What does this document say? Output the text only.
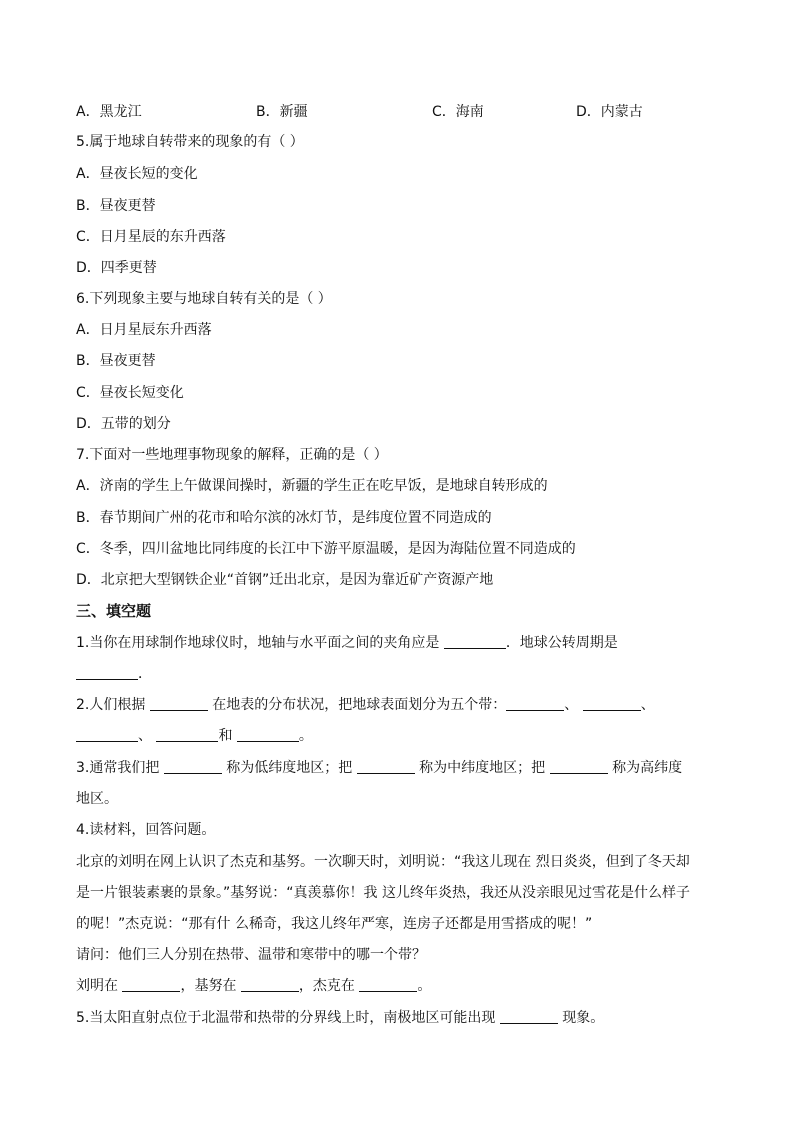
A．黑龙江	B．新疆	C．海南	D．内蒙古
5.属于地球自转带来的现象的有（ ）
A．昼夜长短的变化
B．昼夜更替
C．日月星辰的东升西落
D．四季更替
6.下列现象主要与地球自转有关的是（ ）
A．日月星辰东升西落
B．昼夜更替
C．昼夜长短变化
D．五带的划分
7.下面对一些地理事物现象的解释，正确的是（ ）
A．济南的学生上午做课间操时，新疆的学生正在吃早饭，是地球自转形成的
B．春节期间广州的花市和哈尔滨的冰灯节，是纬度位置不同造成的
C．冬季，四川盆地比同纬度的长江中下游平原温暖，是因为海陆位置不同造成的
D．北京把大型钢铁企业“首钢”迁出北京，是因为靠近矿产资源产地
三、填空题
1.当你在用球制作地球仪时，地轴与水平面之间的夹角应是	．地球公转周期是
．
2.人们根据	在地表的分布状况，把地球表面划分为五个带：	、	、
、	和	。
3.通常我们把	称为低纬度地区；把	称为中纬度地区；把	称为高纬度
地区。
4.读材料，回答问题。
北京的刘明在网上认识了杰克和基努。一次聊天时，刘明说：“我这儿现在 烈日炎炎，但到了冬天却
是一片银装素裹的景象。”基努说：“真羡慕你！我 这儿终年炎热，我还从没亲眼见过雪花是什么样子
的呢！”杰克说：“那有什 么稀奇，我这儿终年严寒，连房子还都是用雪搭成的呢！”
请问：他们三人分别在热带、温带和寒带中的哪一个带？
刘明在	，基努在	，杰克在	。
5.当太阳直射点位于北温带和热带的分界线上时，南极地区可能出现	现象。
